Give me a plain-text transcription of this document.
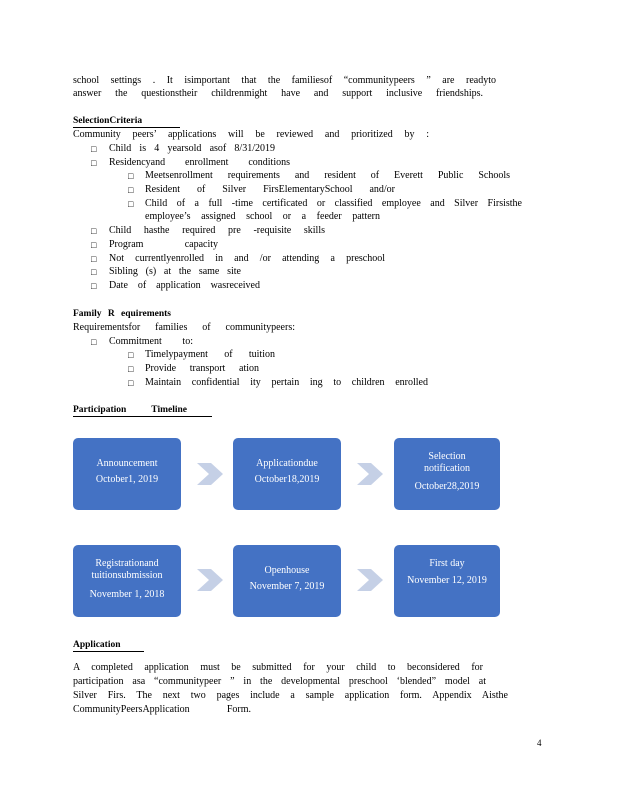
school settings . It isimportant that the familiesof “communitypeers ” are readyto
answer the questionstheir childrenmight have and support inclusive friendships.
SelectionCriteria
Community peers’ applications will be reviewed and prioritized by :
□ Child is 4 yearsold asof 8/31/2019
□ Residencyand enrollment conditions
□ Meetsenrollment requirements and resident of Everett Public Schools
□ Resident of Silver FirsElementarySchool and/or
□ Child of a full -time certificated or classified employee and Silver Firsisthe
employee’s assigned school or a feeder pattern
□ Child hasthe required pre -requisite skills
□ Program capacity
□ Not currentlyenrolled in and /or attending a preschool
□ Sibling (s) at the same site
□ Date of application wasreceived
Family R equirements
Requirementsfor families of communitypeers:
□ Commitment to:
□ Timelypayment of tuition
□ Provide transport ation
□ Maintain confidential ity pertain ing to children enrolled
Participation Timeline
Announcement
October1, 2019
Applicationdue
October18,2019
Selection notification
October28,2019
Registrationand tuitionsubmission
November 1, 2018
Openhouse
November 7, 2019
First day
November 12, 2019
Application
A completed application must be submitted for your child to beconsidered for
participation asa “communitypeer ” in the developmental preschool ‘blended” model at
Silver Firs. The next two pages include a sample application form. Appendix Aisthe
CommunityPeersApplication Form.
4
